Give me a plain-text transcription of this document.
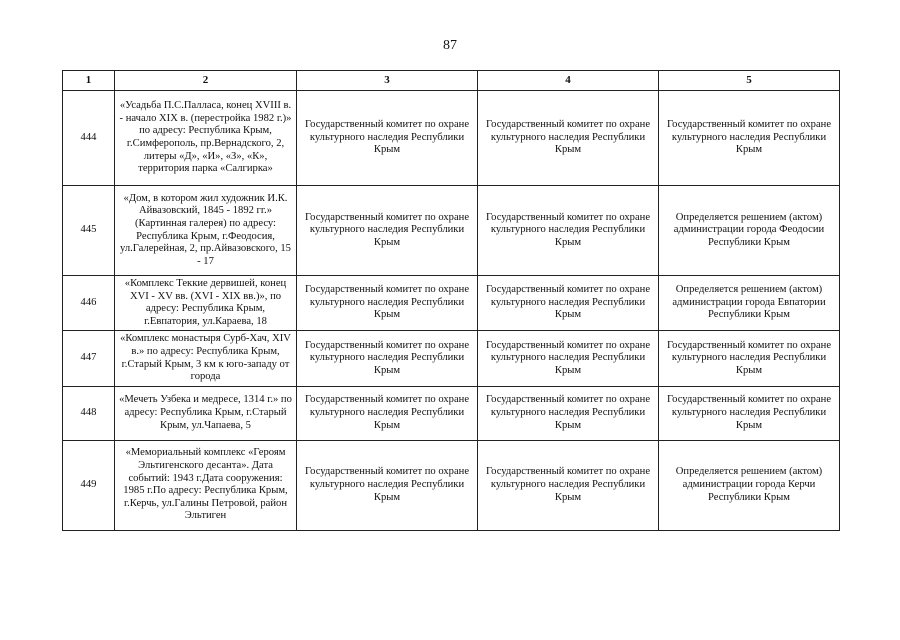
87
1	2	3	4	5
444	«Усадьба П.С.Палласа, конец XVIII в. - начало XIX в. (перестройка 1982 г.)» по адресу: Республика Крым, г.Симферополь, пр.Вернадского, 2, литеры «Д», «И», «З», «К», территория парка «Салгирка»	Государственный комитет по охране культурного наследия Республики Крым	Государственный комитет по охране культурного наследия Республики Крым	Государственный комитет по охране культурного наследия Республики Крым
445	«Дом, в котором жил художник И.К. Айвазовский, 1845 - 1892 гг.» (Картинная галерея) по адресу: Республика Крым, г.Феодосия, ул.Галерейная, 2, пр.Айвазовского, 15 - 17	Государственный комитет по охране культурного наследия Республики Крым	Государственный комитет по охране культурного наследия Республики Крым	Определяется решением (актом) администрации города Феодосии Республики Крым
446	«Комплекс Теккие дервишей, конец XVI - XV вв. (XVI - XIX вв.)», по адресу: Республика Крым, г.Евпатория, ул.Караева, 18	Государственный комитет по охране культурного наследия Республики Крым	Государственный комитет по охране культурного наследия Республики Крым	Определяется решением (актом) администрации города Евпатории Республики Крым
447	«Комплекс монастыря Сурб-Хач, XIV в.» по адресу: Республика Крым, г.Старый Крым, 3 км к юго-западу от города	Государственный комитет по охране культурного наследия Республики Крым	Государственный комитет по охране культурного наследия Республики Крым	Государственный комитет по охране культурного наследия Республики Крым
448	«Мечеть Узбека и медресе, 1314 г.» по адресу: Республика Крым, г.Старый Крым, ул.Чапаева, 5	Государственный комитет по охране культурного наследия Республики Крым	Государственный комитет по охране культурного наследия Республики Крым	Государственный комитет по охране культурного наследия Республики Крым
449	«Мемориальный комплекс «Героям Эльтигенского десанта». Дата событий: 1943 г.Дата сооружения: 1985 г.По адресу: Республика Крым, г.Керчь, ул.Галины Петровой, район Эльтиген	Государственный комитет по охране культурного наследия Республики Крым	Государственный комитет по охране культурного наследия Республики Крым	Определяется решением (актом) администрации города Керчи Республики Крым
